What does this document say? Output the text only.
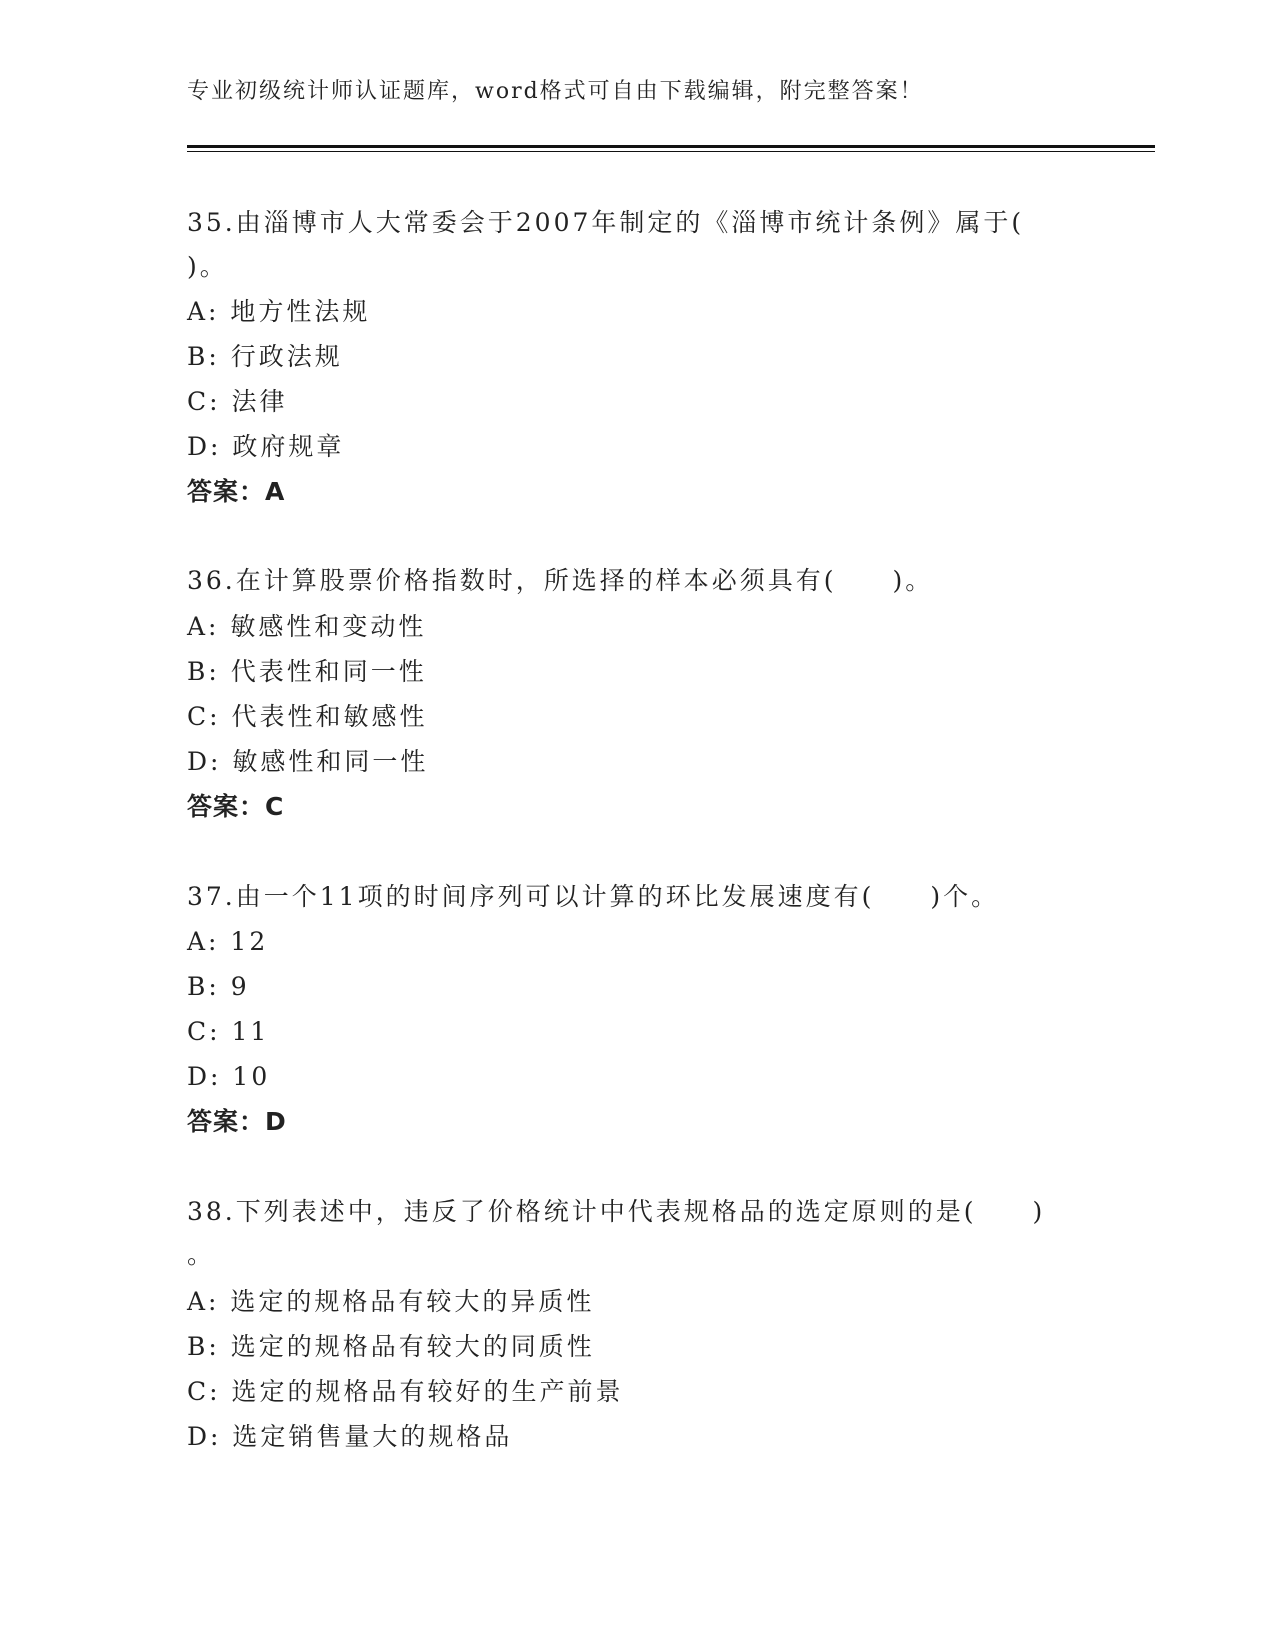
专业初级统计师认证题库，word格式可自由下载编辑，附完整答案！
35.由淄博市人大常委会于2007年制定的《淄博市统计条例》属于(
)。
A: 地方性法规
B: 行政法规
C: 法律
D: 政府规章
答案：A
36.在计算股票价格指数时，所选择的样本必须具有(　　)。
A: 敏感性和变动性
B: 代表性和同一性
C: 代表性和敏感性
D: 敏感性和同一性
答案：C
37.由一个11项的时间序列可以计算的环比发展速度有(　　)个。
A: 12
B: 9
C: 11
D: 10
答案：D
38.下列表述中，违反了价格统计中代表规格品的选定原则的是(　　)
。
A: 选定的规格品有较大的异质性
B: 选定的规格品有较大的同质性
C: 选定的规格品有较好的生产前景
D: 选定销售量大的规格品
